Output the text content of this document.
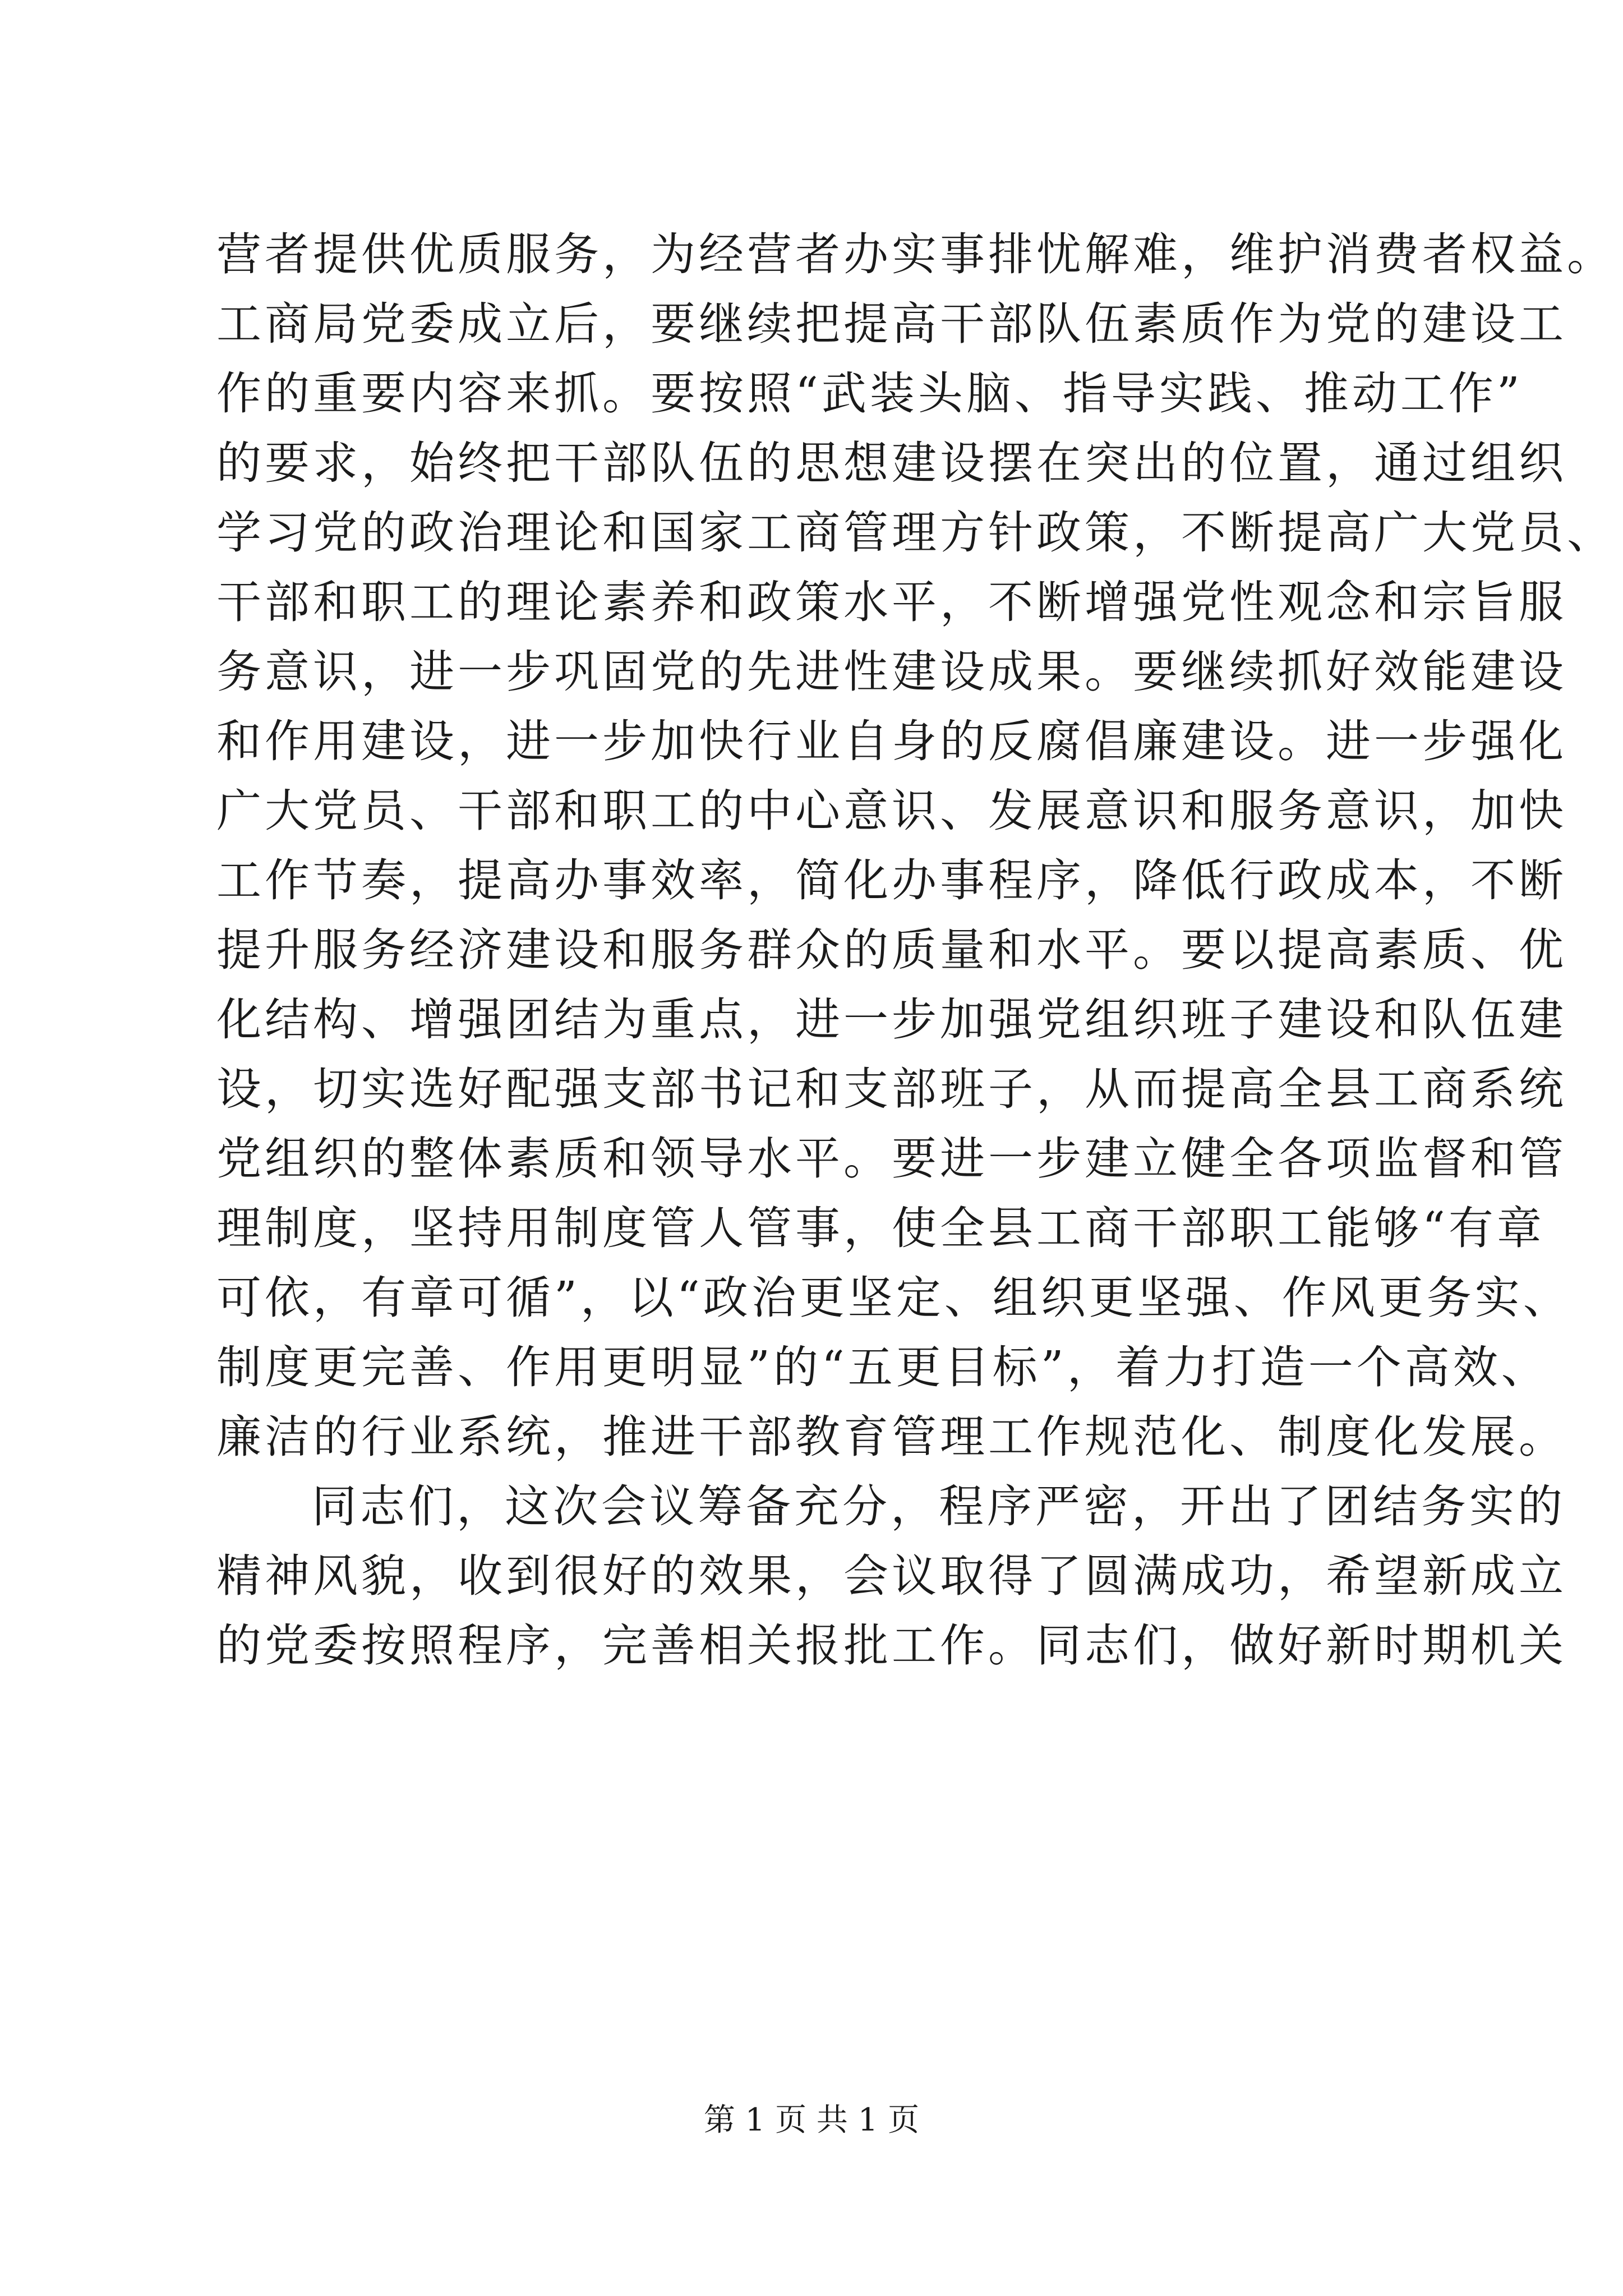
营者提供优质服务，为经营者办实事排忧解难，维护消费者权益。
工商局党委成立后，要继续把提高干部队伍素质作为党的建设工
作的重要内容来抓。要按照“武装头脑、指导实践、推动工作”
的要求，始终把干部队伍的思想建设摆在突出的位置，通过组织
学习党的政治理论和国家工商管理方针政策，不断提高广大党员、
干部和职工的理论素养和政策水平，不断增强党性观念和宗旨服
务意识，进一步巩固党的先进性建设成果。要继续抓好效能建设
和作用建设，进一步加快行业自身的反腐倡廉建设。进一步强化
广大党员、干部和职工的中心意识、发展意识和服务意识，加快
工作节奏，提高办事效率，简化办事程序，降低行政成本，不断
提升服务经济建设和服务群众的质量和水平。要以提高素质、优
化结构、增强团结为重点，进一步加强党组织班子建设和队伍建
设，切实选好配强支部书记和支部班子，从而提高全县工商系统
党组织的整体素质和领导水平。要进一步建立健全各项监督和管
理制度，坚持用制度管人管事，使全县工商干部职工能够“有章
可依，有章可循”，以“政治更坚定、组织更坚强、作风更务实、
制度更完善、作用更明显”的“五更目标”，着力打造一个高效、
廉洁的行业系统，推进干部教育管理工作规范化、制度化发展。
同志们，这次会议筹备充分，程序严密，开出了团结务实的
精神风貌，收到很好的效果，会议取得了圆满成功，希望新成立
的党委按照程序，完善相关报批工作。同志们，做好新时期机关
第 1 页 共 1 页
